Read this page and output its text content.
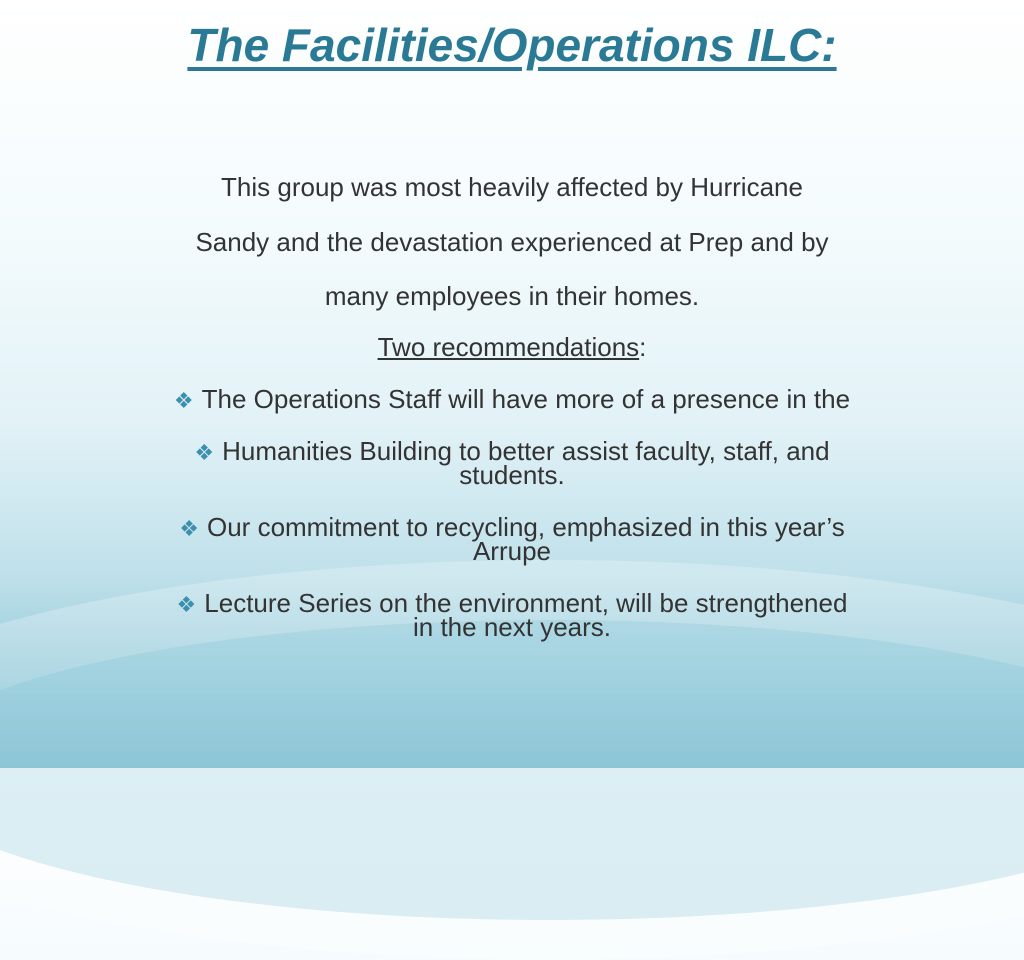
The Facilities/Operations ILC:
This group was most heavily affected by Hurricane
Sandy and the devastation experienced at Prep and by
many employees in their homes.
Two recommendations:
❖ The Operations Staff will have more of a presence in the
❖ Humanities Building to better assist faculty, staff, and
students.
❖ Our commitment to recycling, emphasized in this year’s
Arrupe
❖ Lecture Series on the environment, will be strengthened
in the next years.
